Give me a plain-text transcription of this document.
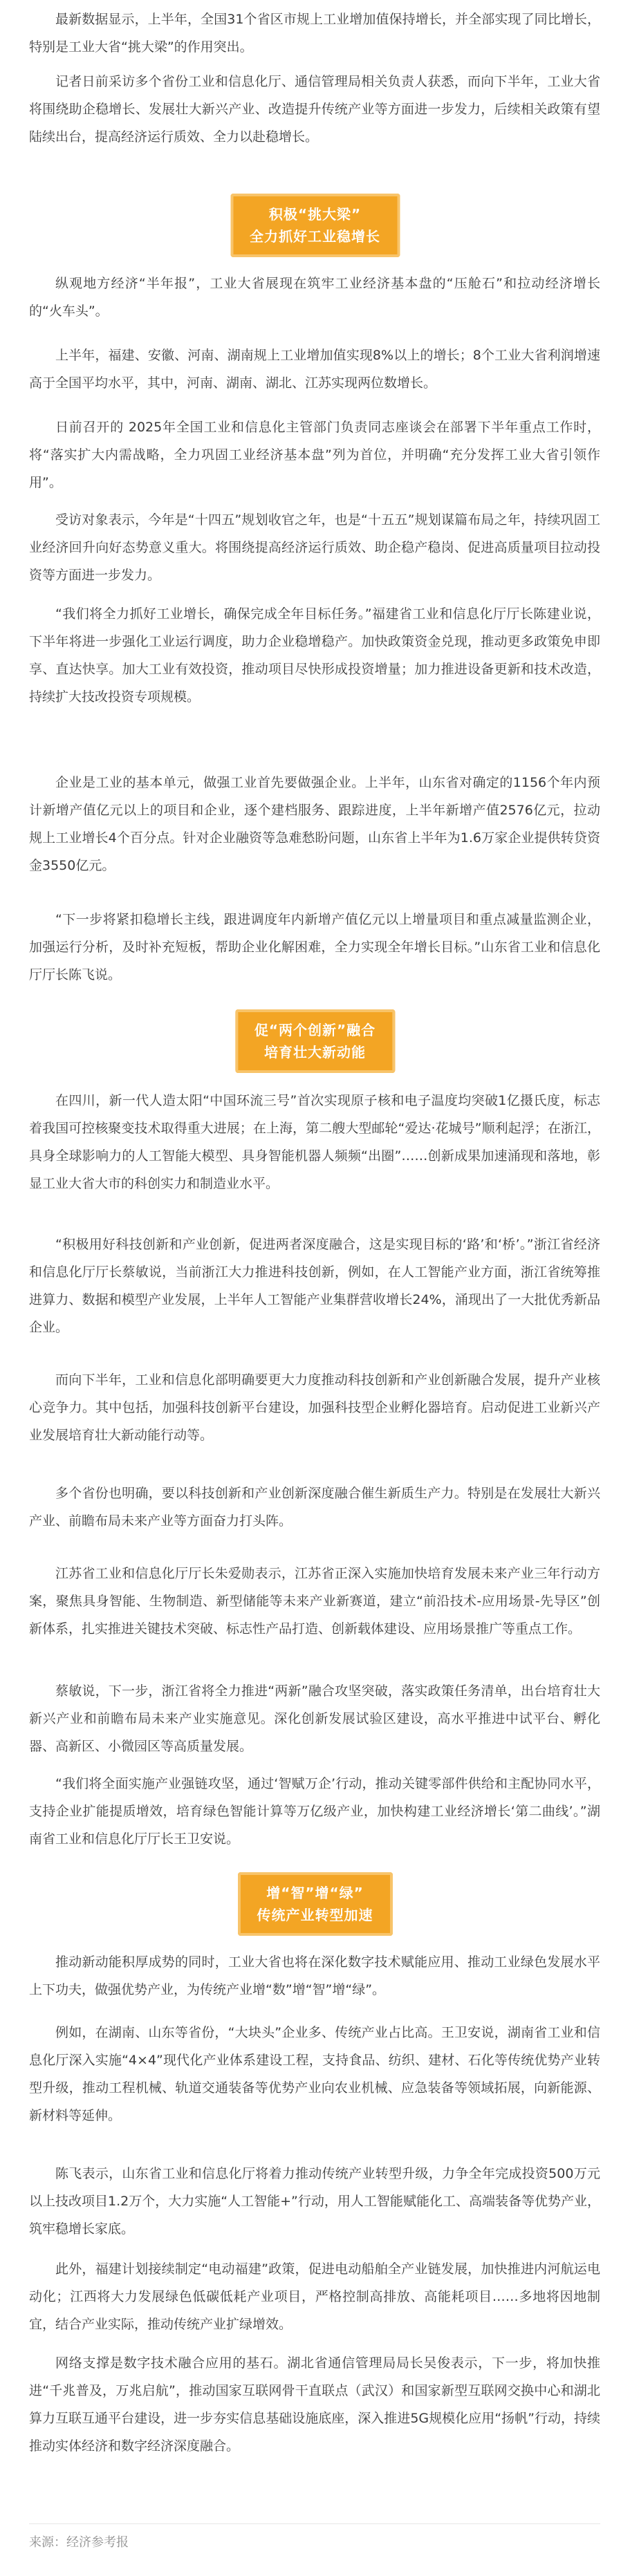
最新数据显示，上半年，全国31个省区市规上工业增加值保持增长，并全部实现了同比增长，特别是工业大省“挑大梁”的作用突出。

记者日前采访多个省份工业和信息化厅、通信管理局相关负责人获悉，而向下半年，工业大省将围绕助企稳增长、发展壮大新兴产业、改造提升传统产业等方面进一步发力，后续相关政策有望陆续出台，提高经济运行质效、全力以赴稳增长。

积极“挑大梁”
全力抓好工业稳增长

纵观地方经济“半年报”，工业大省展现在筑牢工业经济基本盘的“压舱石”和拉动经济增长的“火车头”。

上半年，福建、安徽、河南、湖南规上工业增加值实现8%以上的增长；8个工业大省利润增速高于全国平均水平，其中，河南、湖南、湖北、江苏实现两位数增长。

日前召开的 2025年全国工业和信息化主管部门负责同志座谈会在部署下半年重点工作时，将“落实扩大内需战略，全力巩固工业经济基本盘”列为首位，并明确“充分发挥工业大省引领作用”。

受访对象表示，今年是“十四五”规划收官之年，也是“十五五”规划谋篇布局之年，持续巩固工业经济回升向好态势意义重大。将围绕提高经济运行质效、助企稳产稳岗、促进高质量项目拉动投资等方面进一步发力。

“我们将全力抓好工业增长，确保完成全年目标任务。”福建省工业和信息化厅厅长陈建业说，下半年将进一步强化工业运行调度，助力企业稳增稳产。加快政策资金兑现，推动更多政策免申即享、直达快享。加大工业有效投资，推动项目尽快形成投资增量；加力推进设备更新和技术改造，持续扩大技改投资专项规模。

企业是工业的基本单元，做强工业首先要做强企业。上半年，山东省对确定的1156个年内预计新增产值亿元以上的项目和企业，逐个建档服务、跟踪进度，上半年新增产值2576亿元，拉动规上工业增长4个百分点。针对企业融资等急难愁盼问题，山东省上半年为1.6万家企业提供转贷资金3550亿元。

“下一步将紧扣稳增长主线，跟进调度年内新增产值亿元以上增量项目和重点减量监测企业，加强运行分析，及时补充短板，帮助企业化解困难，全力实现全年增长目标。”山东省工业和信息化厅厅长陈飞说。

促“两个创新”融合
培育壮大新动能

在四川，新一代人造太阳“中国环流三号”首次实现原子核和电子温度均突破1亿摄氏度，标志着我国可控核聚变技术取得重大进展；在上海，第二艘大型邮轮“爱达·花城号”顺利起浮；在浙江，具身全球影响力的人工智能大模型、具身智能机器人频频“出圈”……创新成果加速涌现和落地，彰显工业大省大市的科创实力和制造业水平。

“积极用好科技创新和产业创新，促进两者深度融合，这是实现目标的‘路’和‘桥’。”浙江省经济和信息化厅厅长蔡敏说，当前浙江大力推进科技创新，例如，在人工智能产业方面，浙江省统筹推进算力、数据和模型产业发展，上半年人工智能产业集群营收增长24%，涌现出了一大批优秀新品企业。

而向下半年，工业和信息化部明确要更大力度推动科技创新和产业创新融合发展，提升产业核心竞争力。其中包括，加强科技创新平台建设，加强科技型企业孵化器培育。启动促进工业新兴产业发展培育壮大新动能行动等。

多个省份也明确，要以科技创新和产业创新深度融合催生新质生产力。特别是在发展壮大新兴产业、前瞻布局未来产业等方面奋力打头阵。

江苏省工业和信息化厅厅长朱爱勋表示，江苏省正深入实施加快培育发展未来产业三年行动方案，聚焦具身智能、生物制造、新型储能等未来产业新赛道，建立“前沿技术-应用场景-先导区”创新体系，扎实推进关键技术突破、标志性产品打造、创新载体建设、应用场景推广等重点工作。

蔡敏说，下一步，浙江省将全力推进“两新”融合攻坚突破，落实政策任务清单，出台培育壮大新兴产业和前瞻布局未来产业实施意见。深化创新发展试验区建设，高水平推进中试平台、孵化器、高新区、小微园区等高质量发展。

“我们将全面实施产业强链攻坚，通过‘智赋万企’行动，推动关键零部件供给和主配协同水平，支持企业扩能提质增效，培育绿色智能计算等万亿级产业，加快构建工业经济增长‘第二曲线’。”湖南省工业和信息化厅厅长王卫安说。

增“智”增“绿”
传统产业转型加速

推动新动能积厚成势的同时，工业大省也将在深化数字技术赋能应用、推动工业绿色发展水平上下功夫，做强优势产业，为传统产业增“数”增“智”增“绿”。

例如，在湖南、山东等省份，“大块头”企业多、传统产业占比高。王卫安说，湖南省工业和信息化厅深入实施“4×4”现代化产业体系建设工程，支持食品、纺织、建材、石化等传统优势产业转型升级，推动工程机械、轨道交通装备等优势产业向农业机械、应急装备等领域拓展，向新能源、新材料等延伸。

陈飞表示，山东省工业和信息化厅将着力推动传统产业转型升级，力争全年完成投资500万元以上技改项目1.2万个，大力实施“人工智能+”行动，用人工智能赋能化工、高端装备等优势产业，筑牢稳增长家底。

此外，福建计划接续制定“电动福建”政策，促进电动船舶全产业链发展，加快推进内河航运电动化；江西将大力发展绿色低碳低耗产业项目，严格控制高排放、高能耗项目……多地将因地制宜，结合产业实际，推动传统产业扩绿增效。

网络支撑是数字技术融合应用的基石。湖北省通信管理局局长吴俊表示，下一步，将加快推进“千兆普及，万兆启航”，推动国家互联网骨干直联点（武汉）和国家新型互联网交换中心和湖北算力互联互通平台建设，进一步夯实信息基础设施底座，深入推进5G规模化应用“扬帆”行动，持续推动实体经济和数字经济深度融合。

来源：经济参考报
